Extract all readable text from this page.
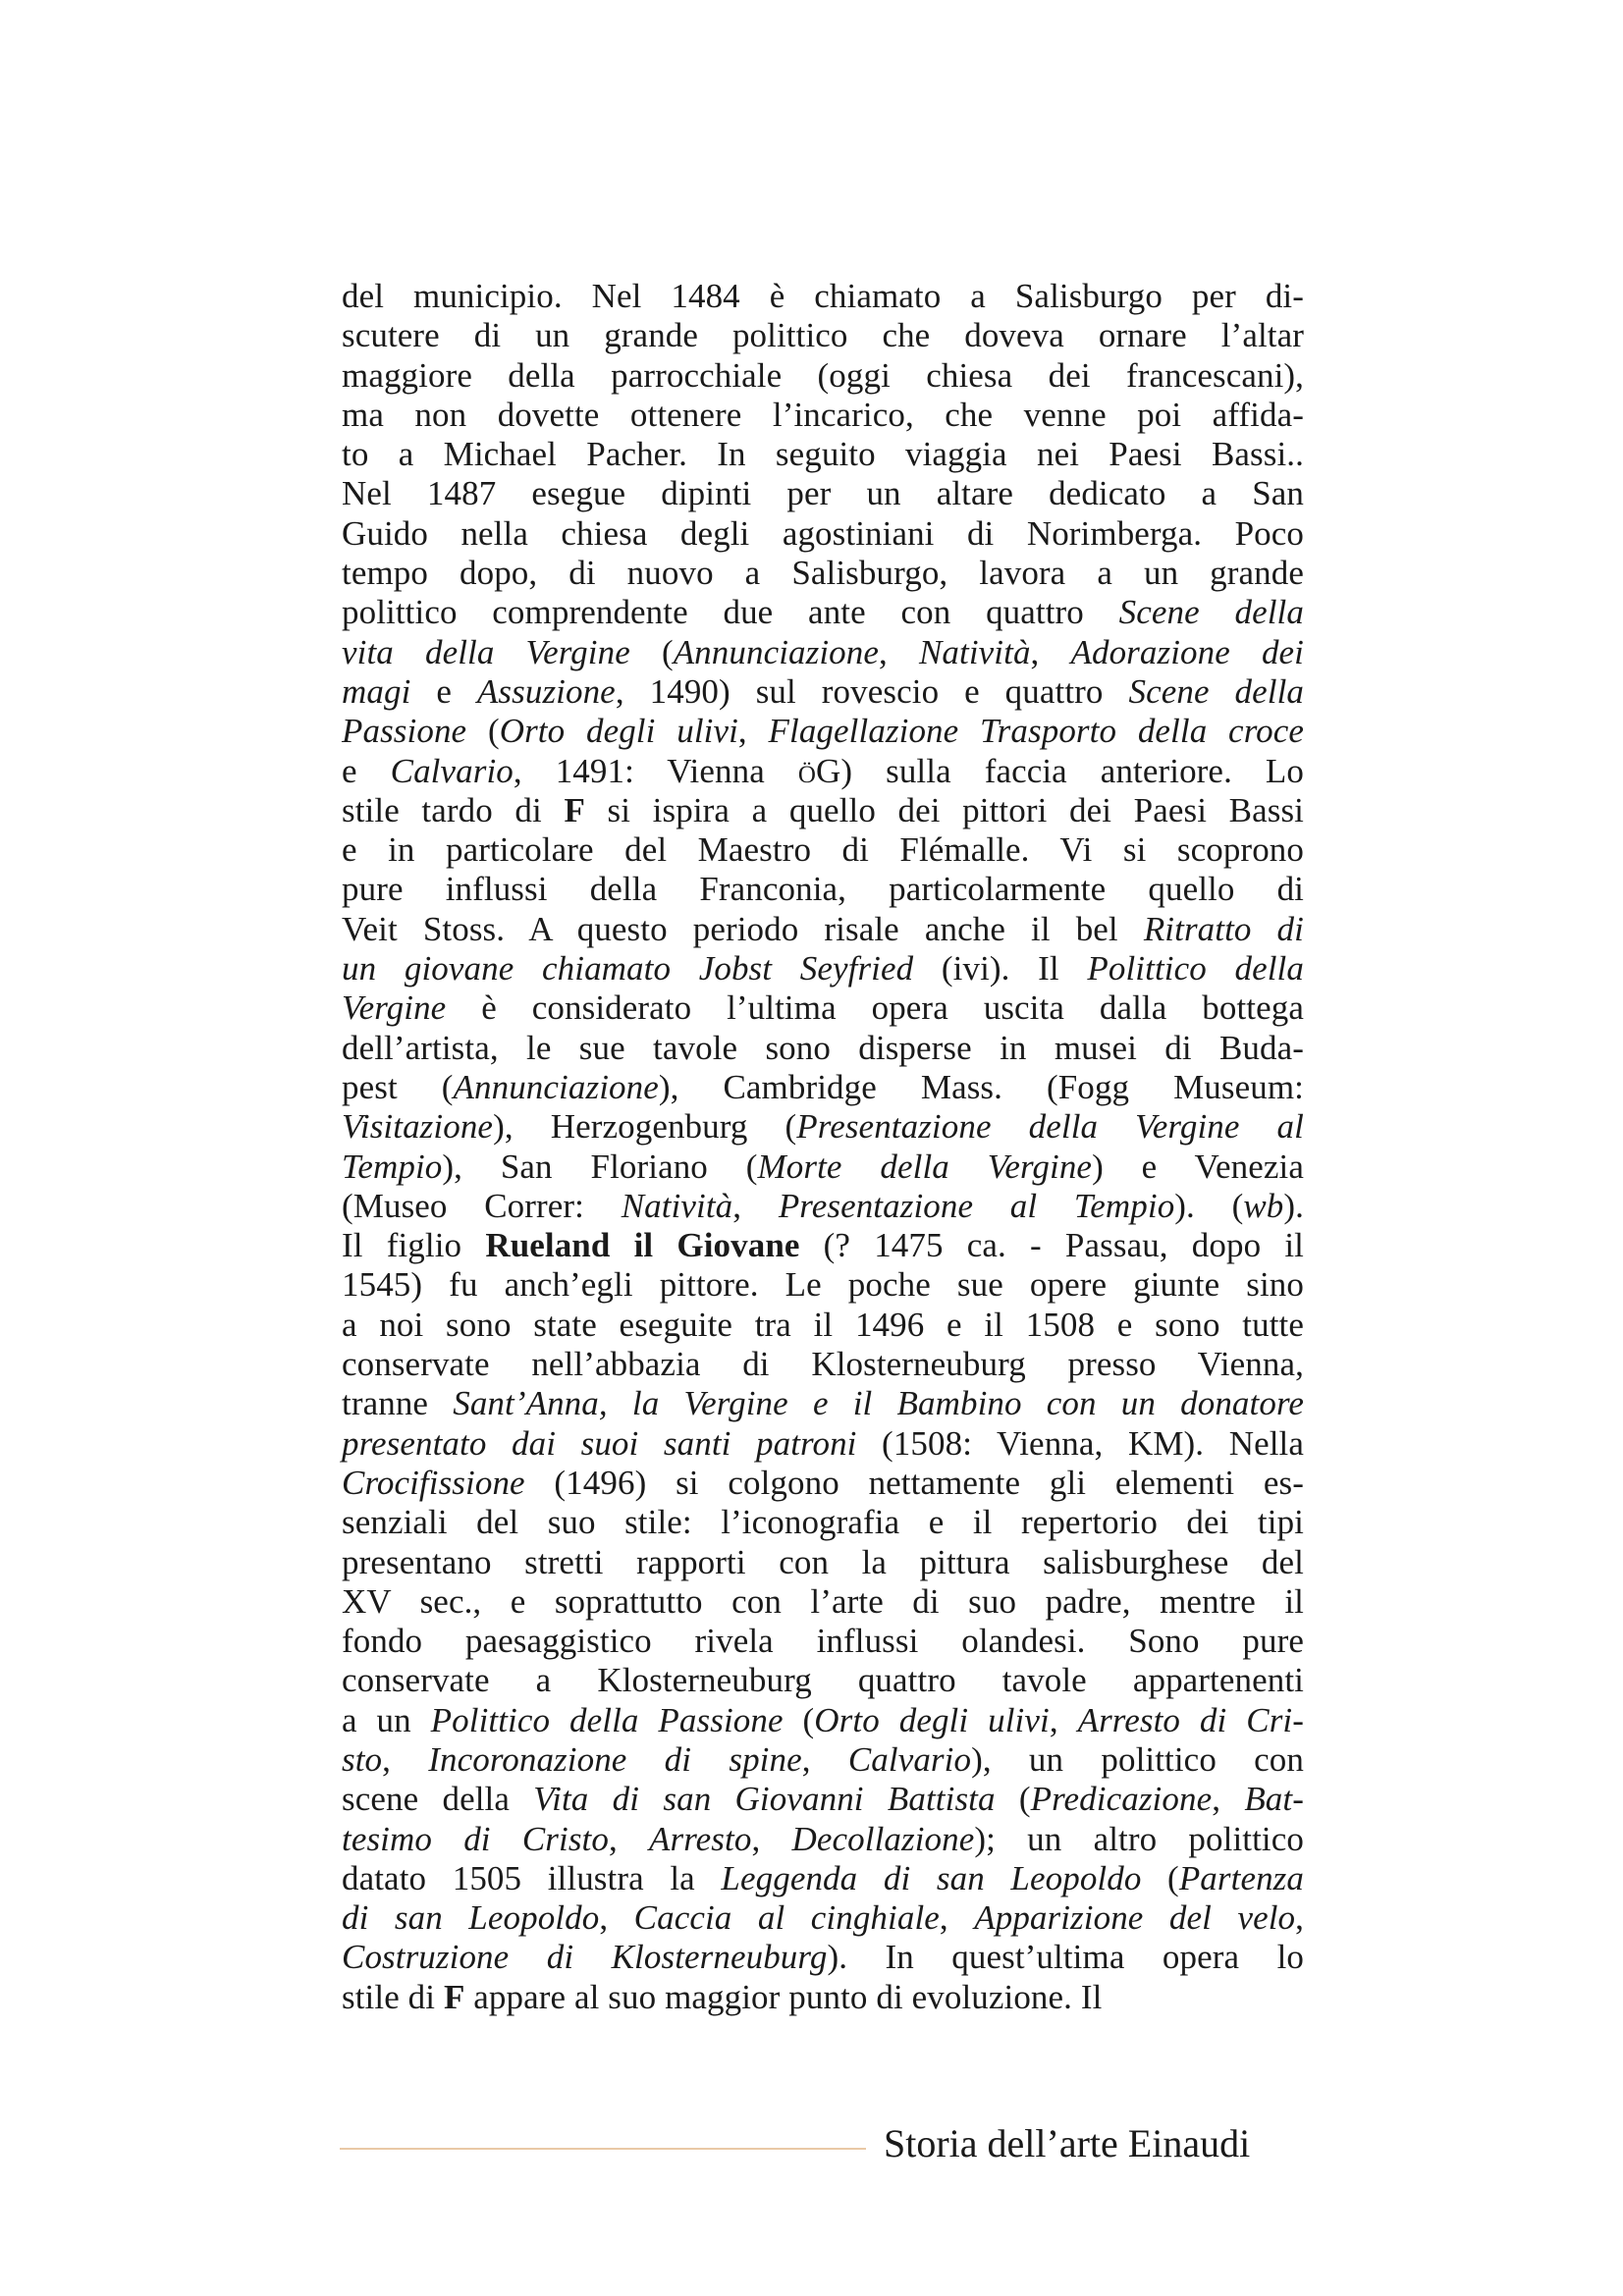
del municipio. Nel 1484 è chiamato a Salisburgo per di-
scutere di un grande polittico che doveva ornare l’altar
maggiore della parrocchiale (oggi chiesa dei francescani),
ma non dovette ottenere l’incarico, che venne poi affida-
to a Michael Pacher. In seguito viaggia nei Paesi Bassi..
Nel 1487 esegue dipinti per un altare dedicato a San
Guido nella chiesa degli agostiniani di Norimberga. Poco
tempo dopo, di nuovo a Salisburgo, lavora a un grande
polittico comprendente due ante con quattro Scene della
vita della Vergine (Annunciazione, Natività, Adorazione dei
magi e Assuzione, 1490) sul rovescio e quattro Scene della
Passione (Orto degli ulivi, Flagellazione Trasporto della croce
e Calvario, 1491: Vienna öG) sulla faccia anteriore. Lo
stile tardo di F si ispira a quello dei pittori dei Paesi Bassi
e in particolare del Maestro di Flémalle. Vi si scoprono
pure influssi della Franconia, particolarmente quello di
Veit Stoss. A questo periodo risale anche il bel Ritratto di
un giovane chiamato Jobst Seyfried (ivi). Il Polittico della
Vergine è considerato l’ultima opera uscita dalla bottega
dell’artista, le sue tavole sono disperse in musei di Buda-
pest (Annunciazione), Cambridge Mass. (Fogg Museum:
Visitazione), Herzogenburg (Presentazione della Vergine al
Tempio), San Floriano (Morte della Vergine) e Venezia
(Museo Correr: Natività, Presentazione al Tempio). (wb).
Il figlio Rueland il Giovane (? 1475 ca. - Passau, dopo il
1545) fu anch’egli pittore. Le poche sue opere giunte sino
a noi sono state eseguite tra il 1496 e il 1508 e sono tutte
conservate nell’abbazia di Klosterneuburg presso Vienna,
tranne Sant’Anna, la Vergine e il Bambino con un donatore
presentato dai suoi santi patroni (1508: Vienna, KM). Nella
Crocifissione (1496) si colgono nettamente gli elementi es-
senziali del suo stile: l’iconografia e il repertorio dei tipi
presentano stretti rapporti con la pittura salisburghese del
XV sec., e soprattutto con l’arte di suo padre, mentre il
fondo paesaggistico rivela influssi olandesi. Sono pure
conservate a Klosterneuburg quattro tavole appartenenti
a un Polittico della Passione (Orto degli ulivi, Arresto di Cri-
sto, Incoronazione di spine, Calvario), un polittico con
scene della Vita di san Giovanni Battista (Predicazione, Bat-
tesimo di Cristo, Arresto, Decollazione); un altro polittico
datato 1505 illustra la Leggenda di san Leopoldo (Partenza
di san Leopoldo, Caccia al cinghiale, Apparizione del velo,
Costruzione di Klosterneuburg). In quest’ultima opera lo
stile di F appare al suo maggior punto di evoluzione. Il
Storia dell’arte Einaudi
